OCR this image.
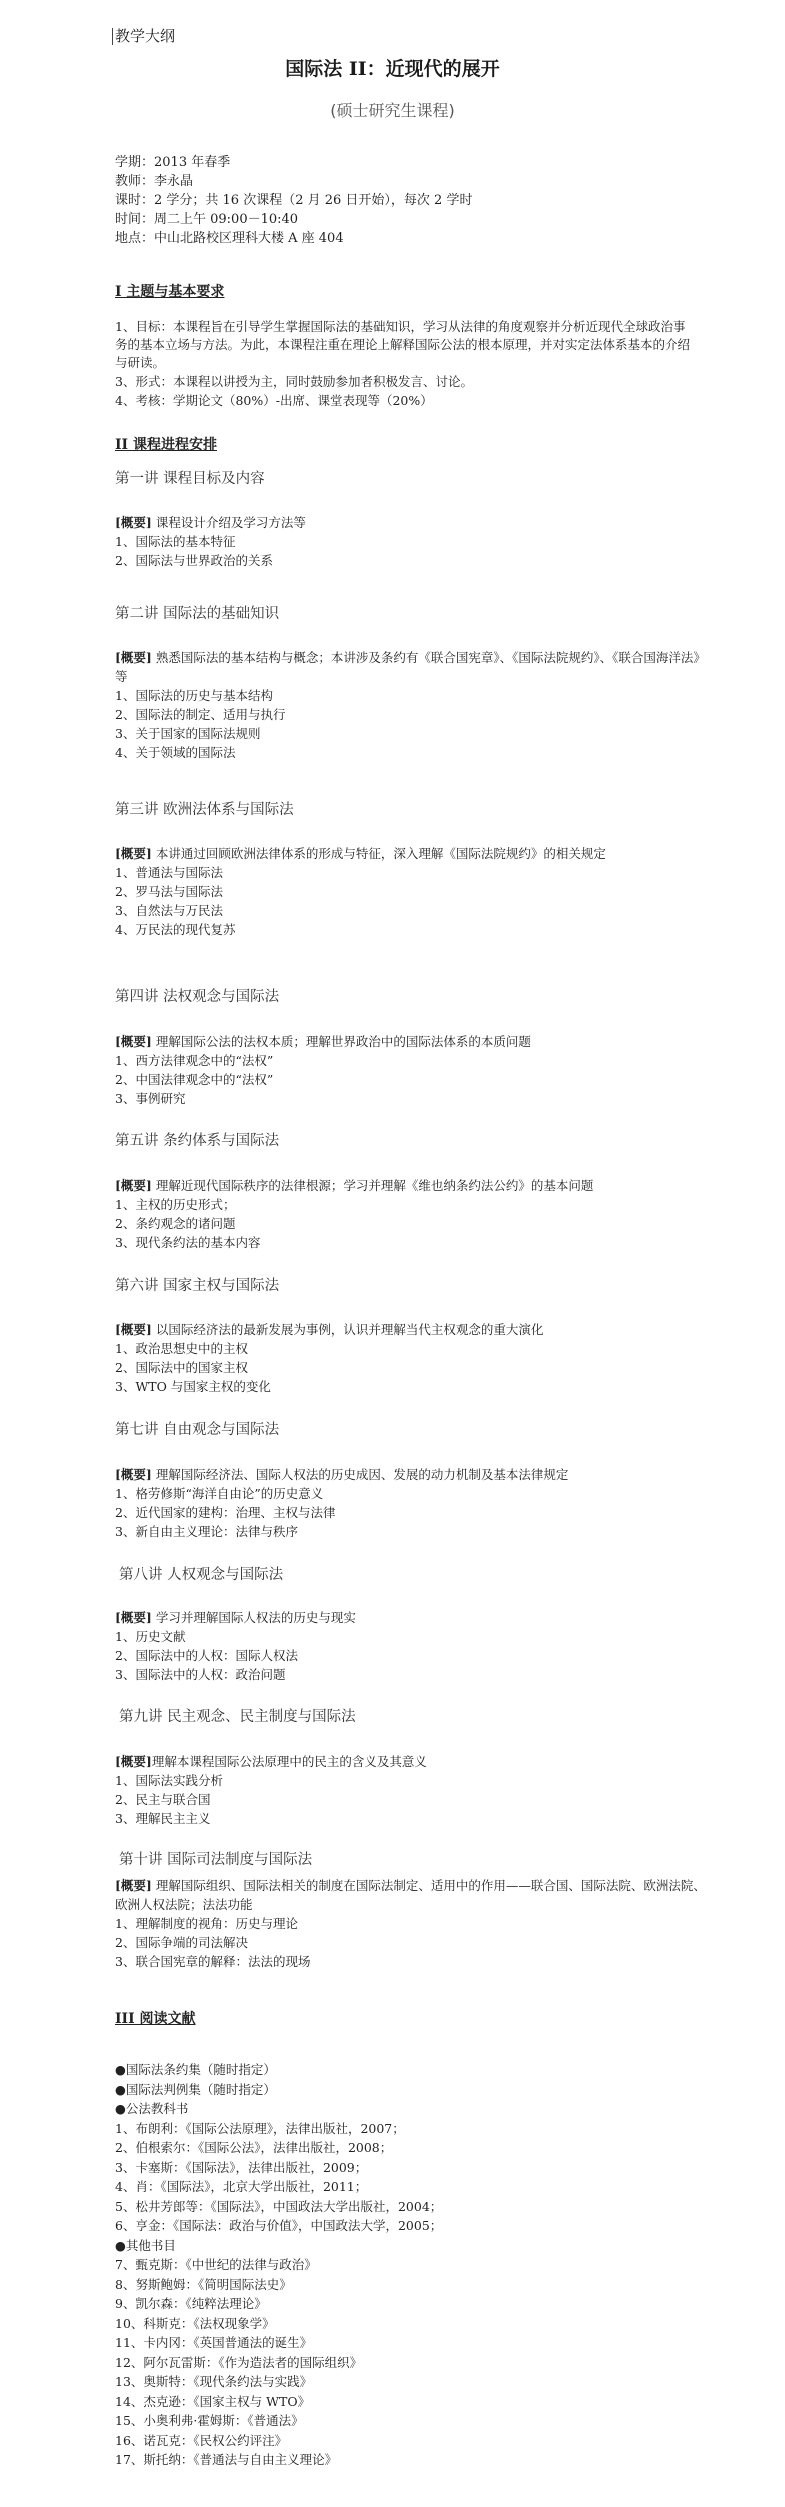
教学大纲
国际法 II：近现代的展开
(硕士研究生课程)
学期：2013 年春季
教师：李永晶
课时：2 学分；共 16 次课程（2 月 26 日开始），每次 2 学时
时间：周二上午 09:00－10:40
地点：中山北路校区理科大楼 A 座 404
I 主题与基本要求
1、目标：本课程旨在引导学生掌握国际法的基础知识，学习从法律的角度观察并分析近现代全球政治事务的基本立场与方法。为此，本课程注重在理论上解释国际公法的根本原理，并对实定法体系基本的介绍与研读。
3、形式：本课程以讲授为主，同时鼓励参加者积极发言、讨论。
4、考核：学期论文（80%）-出席、课堂表现等（20%）
II 课程进程安排
第一讲 课程目标及内容
[概要] 课程设计介绍及学习方法等
1、国际法的基本特征
2、国际法与世界政治的关系
第二讲 国际法的基础知识
[概要] 熟悉国际法的基本结构与概念；本讲涉及条约有《联合国宪章》、《国际法院规约》、《联合国海洋法》等
1、国际法的历史与基本结构
2、国际法的制定、适用与执行
3、关于国家的国际法规则
4、关于领域的国际法
第三讲 欧洲法体系与国际法
[概要] 本讲通过回顾欧洲法律体系的形成与特征，深入理解《国际法院规约》的相关规定
1、普通法与国际法
2、罗马法与国际法
3、自然法与万民法
4、万民法的现代复苏
第四讲 法权观念与国际法
[概要] 理解国际公法的法权本质；理解世界政治中的国际法体系的本质问题
1、西方法律观念中的“法权”
2、中国法律观念中的“法权”
3、事例研究
第五讲 条约体系与国际法
[概要] 理解近现代国际秩序的法律根源；学习并理解《维也纳条约法公约》的基本问题
1、主权的历史形式；
2、条约观念的诸问题
3、现代条约法的基本内容
第六讲 国家主权与国际法
[概要] 以国际经济法的最新发展为事例，认识并理解当代主权观念的重大演化
1、政治思想史中的主权
2、国际法中的国家主权
3、WTO 与国家主权的变化
第七讲 自由观念与国际法
[概要] 理解国际经济法、国际人权法的历史成因、发展的动力机制及基本法律规定
1、格劳修斯“海洋自由论”的历史意义
2、近代国家的建构：治理、主权与法律
3、新自由主义理论：法律与秩序
第八讲 人权观念与国际法
[概要] 学习并理解国际人权法的历史与现实
1、历史文献
2、国际法中的人权：国际人权法
3、国际法中的人权：政治问题
第九讲 民主观念、民主制度与国际法
[概要]理解本课程国际公法原理中的民主的含义及其意义
1、国际法实践分析
2、民主与联合国
3、理解民主主义
第十讲 国际司法制度与国际法
[概要] 理解国际组织、国际法相关的制度在国际法制定、适用中的作用——联合国、国际法院、欧洲法院、欧洲人权法院；法法功能
1、理解制度的视角：历史与理论
2、国际争端的司法解决
3、联合国宪章的解释：法法的现场
III 阅读文献
●国际法条约集（随时指定）
●国际法判例集（随时指定）
●公法教科书
1、布朗利：《国际公法原理》，法律出版社，2007；
2、伯根索尔：《国际公法》，法律出版社，2008；
3、卡塞斯：《国际法》，法律出版社，2009；
4、肖：《国际法》，北京大学出版社，2011；
5、松井芳郎等：《国际法》，中国政法大学出版社，2004；
6、亨金：《国际法：政治与价值》，中国政法大学，2005；
●其他书目
7、甄克斯：《中世纪的法律与政治》
8、努斯鲍姆：《简明国际法史》
9、凯尔森：《纯粹法理论》
10、科斯克：《法权现象学》
11、卡内冈：《英国普通法的诞生》
12、阿尔瓦雷斯：《作为造法者的国际组织》
13、奥斯特：《现代条约法与实践》
14、杰克逊：《国家主权与 WTO》
15、小奥利弗·霍姆斯：《普通法》
16、诺瓦克：《民权公约评注》
17、斯托纳：《普通法与自由主义理论》
